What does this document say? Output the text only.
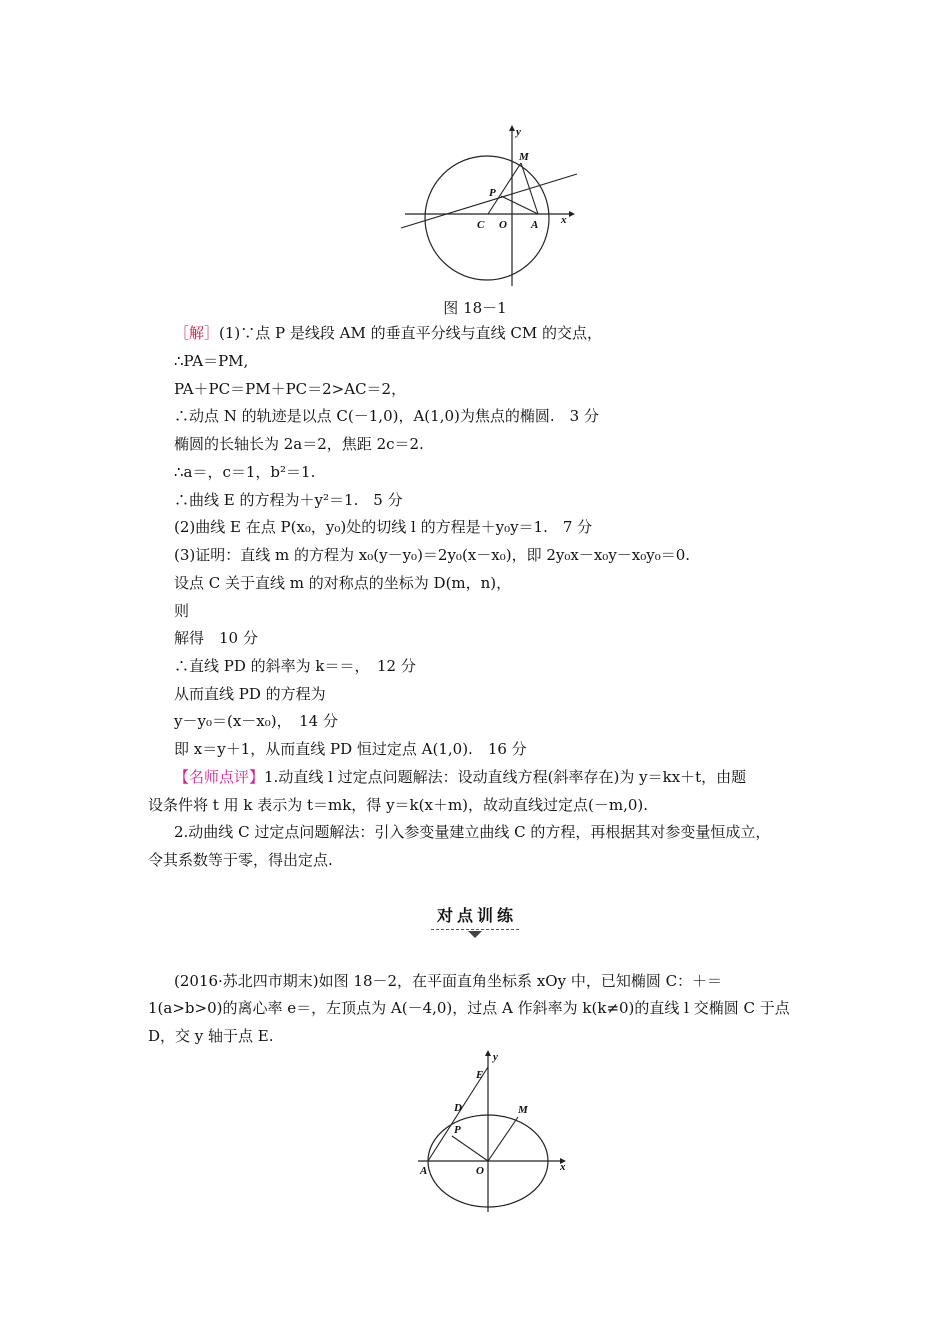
y
x
M
P
C O A
图 18－1
［解］(1)∵点 P 是线段 AM 的垂直平分线与直线 CM 的交点，
∴PA＝PM,
PA＋PC＝PM＋PC＝2>AC＝2，
∴动点 N 的轨迹是以点 C(－1,0)，A(1,0)为焦点的椭圆.　3 分
椭圆的长轴长为 2a＝2，焦距 2c＝2.
∴a＝，c＝1，b²＝1.
∴曲线 E 的方程为＋y²＝1.　5 分
(2)曲线 E 在点 P(x₀，y₀)处的切线 l 的方程是＋y₀y＝1.　7 分
(3)证明：直线 m 的方程为 x₀(y－y₀)＝2y₀(x－x₀)，即 2y₀x－x₀y－x₀y₀＝0.
设点 C 关于直线 m 的对称点的坐标为 D(m，n)，
则
解得　10 分
∴直线 PD 的斜率为 k＝＝，　12 分
从而直线 PD 的方程为
y－y₀＝(x－x₀)，　14 分
即 x＝y＋1，从而直线 PD 恒过定点 A(1,0).　16 分
【名师点评】1.动直线 l 过定点问题解法：设动直线方程(斜率存在)为 y＝kx＋t，由题
设条件将 t 用 k 表示为 t＝mk，得 y＝k(x＋m)，故动直线过定点(－m,0).
2.动曲线 C 过定点问题解法：引入参变量建立曲线 C 的方程，再根据其对参变量恒成立，
令其系数等于零，得出定点.
对点训练
(2016·苏北四市期末)如图 18－2，在平面直角坐标系 xOy 中，已知椭圆 C：＋＝
1(a>b>0)的离心率 e＝，左顶点为 A(－4,0)，过点 A 作斜率为 k(k≠0)的直线 l 交椭圆 C 于点
D，交 y 轴于点 E.
y
x
E
D	M
P
A	O
